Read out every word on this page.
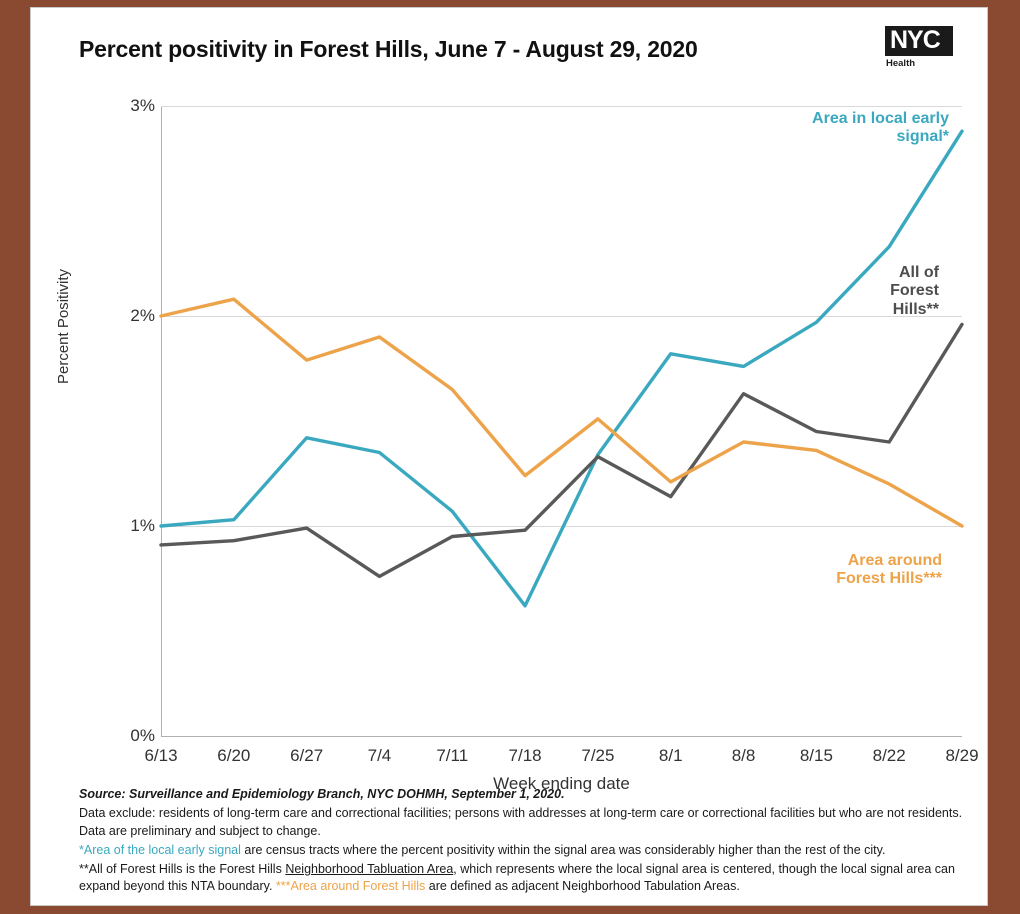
Percent positivity in Forest Hills, June 7 - August 29, 2020	NYC
Health
0%
1%
2%
3%
6/13 6/20 6/27	7/4	7/11 7/18 7/25	8/1	8/8	8/15 8/22 8/29
Percent Positivity
Week ending date
Area in local early
signal*
All of
Forest
Hills**
Area around
Forest Hills***

Source: Surveillance and Epidemiology Branch, NYC DOHMH, September 1, 2020.

Data exclude: residents of long-term care and correctional facilities; persons with addresses at long-term care or correctional facilities but who are not residents. Data are preliminary and subject to change.

*Area of the local early signal are census tracts where the percent positivity within the signal area was considerably higher than the rest of the city.

**All of Forest Hills is the Forest Hills Neighborhood Tabluation Area, which represents where the local signal area is centered, though the local signal area can expand beyond this NTA boundary. ***Area around Forest Hills are defined as adjacent Neighborhood Tabulation Areas.
